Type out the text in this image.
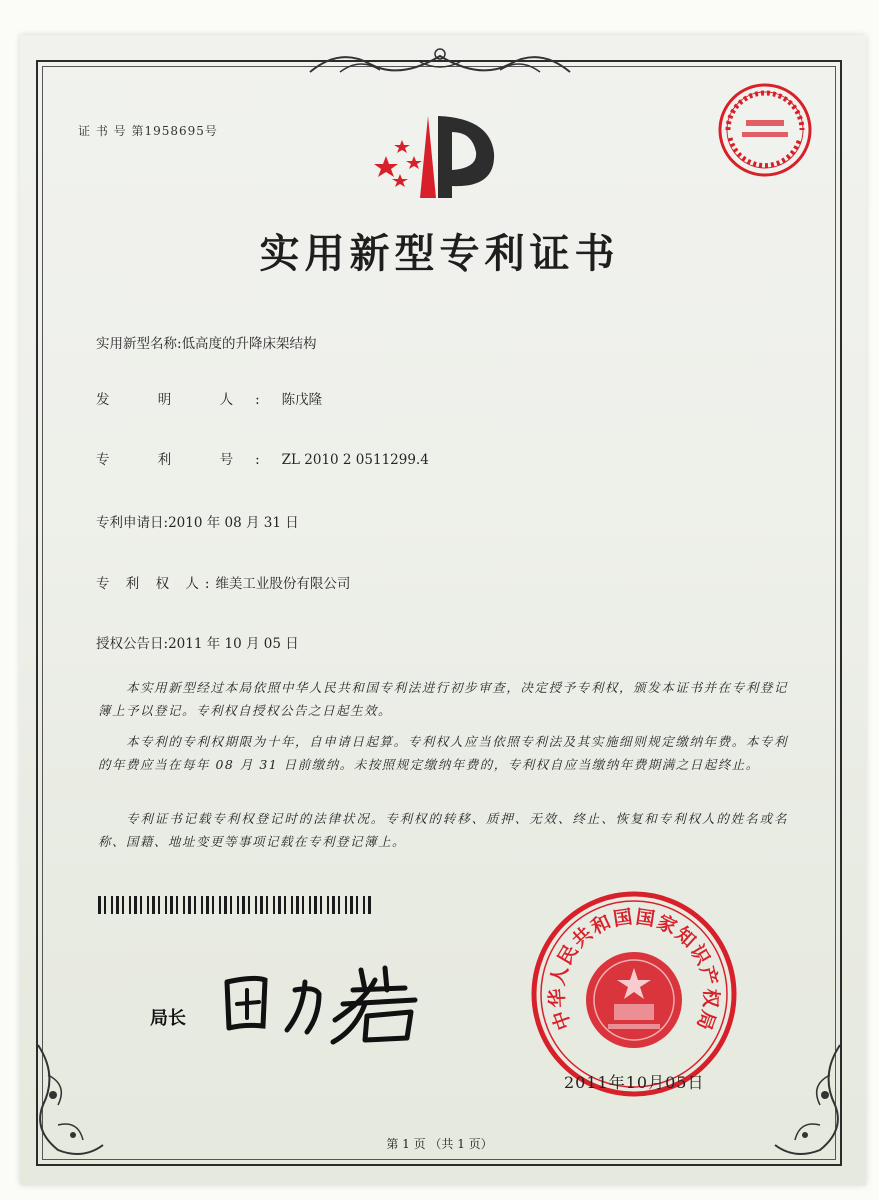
证 书 号 第1958695号
实用新型专利证书
实用新型名称:低高度的升降床架结构
发 明 人:陈戊隆
专 利 号:ZL 2010 2 0511299.4
专利申请日:2010 年 08 月 31 日
专 利 权 人:维美工业股份有限公司
授权公告日:2011 年 10 月 05 日
本实用新型经过本局依照中华人民共和国专利法进行初步审查，决定授予专利权，颁发本证书并在专利登记簿上予以登记。专利权自授权公告之日起生效。
本专利的专利权期限为十年，自申请日起算。专利权人应当依照专利法及其实施细则规定缴纳年费。本专利的年费应当在每年 08 月 31 日前缴纳。未按照规定缴纳年费的，专利权自应当缴纳年费期满之日起终止。
专利证书记载专利权登记时的法律状况。专利权的转移、质押、无效、终止、恢复和专利权人的姓名或名称、国籍、地址变更等事项记载在专利登记簿上。
局长	中
华
人
民
共
和
国 国
家
知
识
产
权
局
2011年10月05日
第 1 页 （共 1 页）
